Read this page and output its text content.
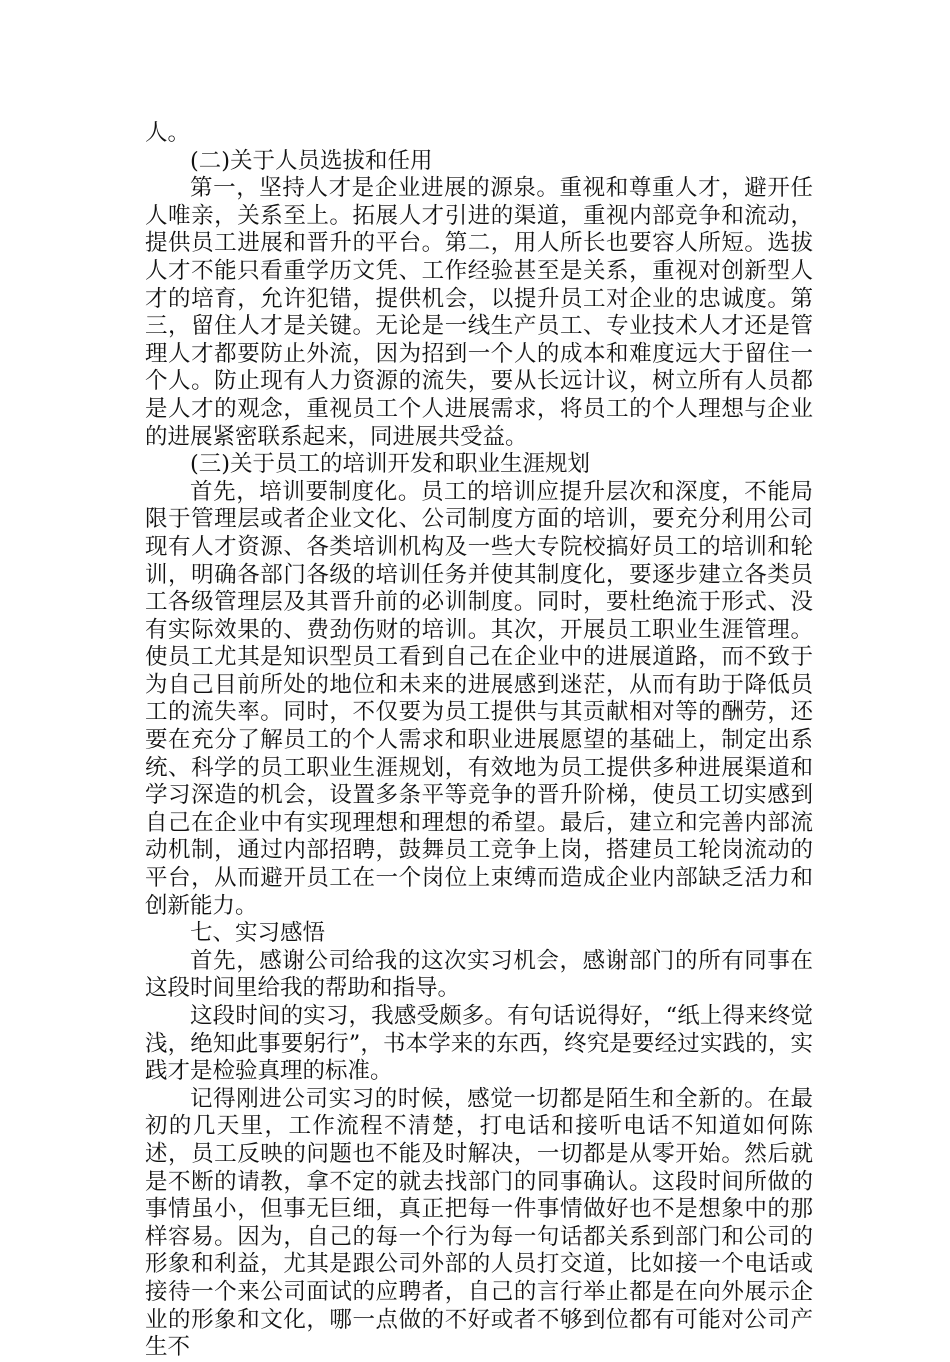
人。

(二)关于人员选拔和任用

第一，坚持人才是企业进展的源泉。重视和尊重人才，避开任人唯亲，关系至上。拓展人才引进的渠道，重视内部竞争和流动，提供员工进展和晋升的平台。第二，用人所长也要容人所短。选拔人才不能只看重学历文凭、工作经验甚至是关系，重视对创新型人才的培育，允许犯错，提供机会，以提升员工对企业的忠诚度。第三，留住人才是关键。无论是一线生产员工、专业技术人才还是管理人才都要防止外流，因为招到一个人的成本和难度远大于留住一个人。防止现有人力资源的流失，要从长远计议，树立所有人员都是人才的观念，重视员工个人进展需求，将员工的个人理想与企业的进展紧密联系起来，同进展共受益。

(三)关于员工的培训开发和职业生涯规划

首先，培训要制度化。员工的培训应提升层次和深度，不能局限于管理层或者企业文化、公司制度方面的培训，要充分利用公司现有人才资源、各类培训机构及一些大专院校搞好员工的培训和轮训，明确各部门各级的培训任务并使其制度化，要逐步建立各类员工各级管理层及其晋升前的必训制度。同时，要杜绝流于形式、没有实际效果的、费劲伤财的培训。其次，开展员工职业生涯管理。使员工尤其是知识型员工看到自己在企业中的进展道路，而不致于为自己目前所处的地位和未来的进展感到迷茫，从而有助于降低员工的流失率。同时，不仅要为员工提供与其贡献相对等的酬劳，还要在充分了解员工的个人需求和职业进展愿望的基础上，制定出系统、科学的员工职业生涯规划，有效地为员工提供多种进展渠道和学习深造的机会，设置多条平等竞争的晋升阶梯，使员工切实感到自己在企业中有实现理想和理想的希望。最后，建立和完善内部流动机制，通过内部招聘，鼓舞员工竞争上岗，搭建员工轮岗流动的平台，从而避开员工在一个岗位上束缚而造成企业内部缺乏活力和创新能力。

七、实习感悟

首先，感谢公司给我的这次实习机会，感谢部门的所有同事在这段时间里给我的帮助和指导。

这段时间的实习，我感受颇多。有句话说得好，“纸上得来终觉浅，绝知此事要躬行”，书本学来的东西，终究是要经过实践的，实践才是检验真理的标准。

记得刚进公司实习的时候，感觉一切都是陌生和全新的。在最初的几天里，工作流程不清楚，打电话和接听电话不知道如何陈述，员工反映的问题也不能及时解决，一切都是从零开始。然后就是不断的请教，拿不定的就去找部门的同事确认。这段时间所做的事情虽小，但事无巨细，真正把每一件事情做好也不是想象中的那样容易。因为，自己的每一个行为每一句话都关系到部门和公司的形象和利益，尤其是跟公司外部的人员打交道，比如接一个电话或接待一个来公司面试的应聘者，自己的言行举止都是在向外展示企业的形象和文化，哪一点做的不好或者不够到位都有可能对公司产生不
